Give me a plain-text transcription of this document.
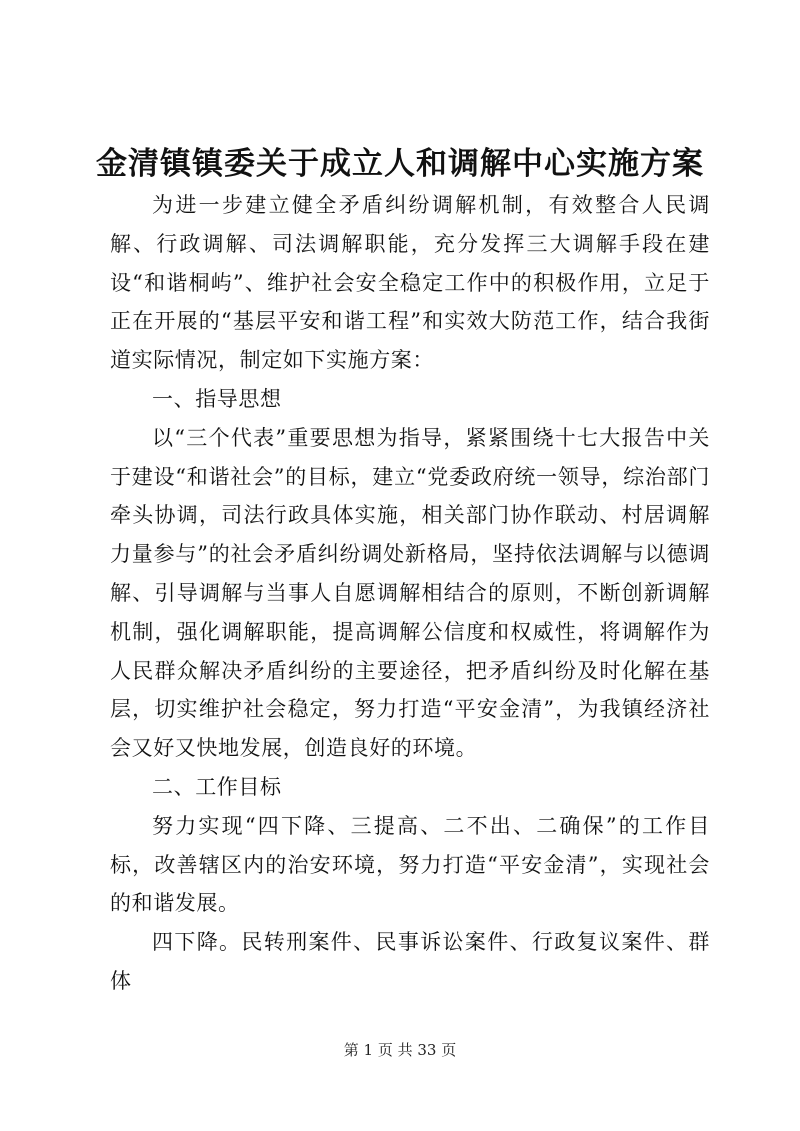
金清镇镇委关于成立人和调解中心实施方案

为进一步建立健全矛盾纠纷调解机制，有效整合人民调解、行政调解、司法调解职能，充分发挥三大调解手段在建设“和谐桐屿”、维护社会安全稳定工作中的积极作用，立足于正在开展的“基层平安和谐工程”和实效大防范工作，结合我街道实际情况，制定如下实施方案：

一、指导思想

以“三个代表”重要思想为指导，紧紧围绕十七大报告中关于建设“和谐社会”的目标，建立“党委政府统一领导，综治部门牵头协调，司法行政具体实施，相关部门协作联动、村居调解力量参与”的社会矛盾纠纷调处新格局，坚持依法调解与以德调解、引导调解与当事人自愿调解相结合的原则，不断创新调解机制，强化调解职能，提高调解公信度和权威性，将调解作为人民群众解决矛盾纠纷的主要途径，把矛盾纠纷及时化解在基层，切实维护社会稳定，努力打造“平安金清”，为我镇经济社会又好又快地发展，创造良好的环境。

二、工作目标

努力实现“四下降、三提高、二不出、二确保”的工作目标，改善辖区内的治安环境，努力打造“平安金清”，实现社会的和谐发展。

四下降。民转刑案件、民事诉讼案件、行政复议案件、群体

第 1 页 共 33 页
